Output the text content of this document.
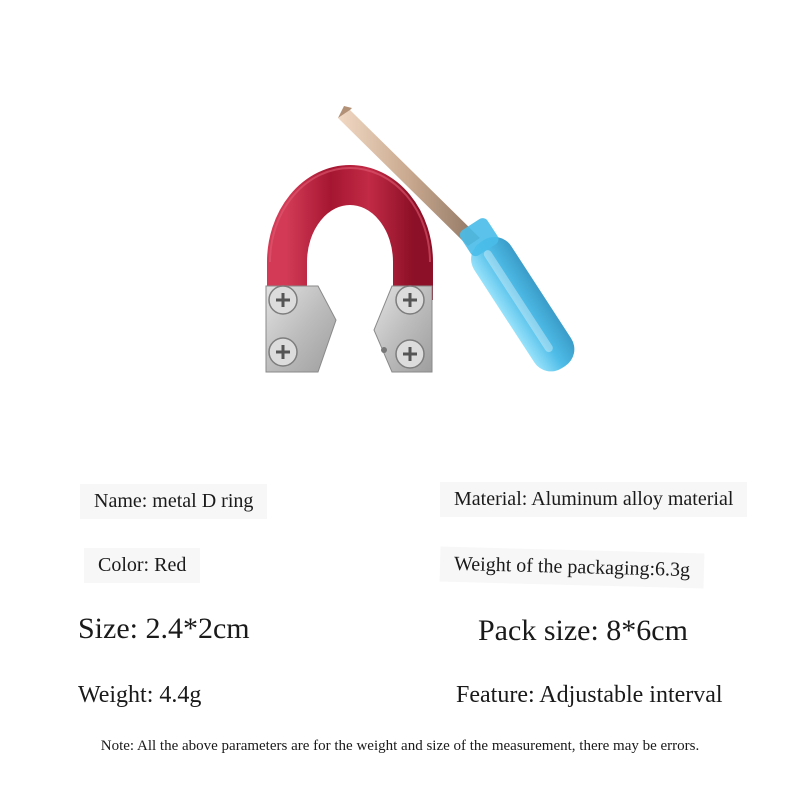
Name: metal D ring	Material: Aluminum alloy material
Color: Red	Weight of the packaging:6.3g
Size: 2.4*2cm	Pack size: 8*6cm
Weight: 4.4g	Feature: Adjustable interval
Note: All the above parameters are for the weight and size of the measurement, there may be errors.
